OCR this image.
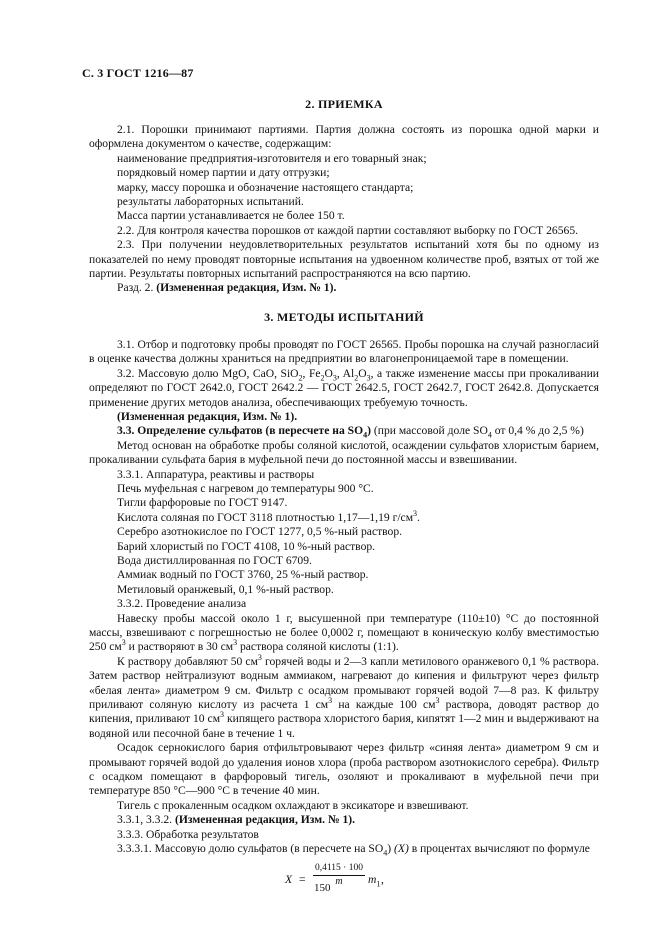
С. 3 ГОСТ 1216—87
2. ПРИЕМКА

2.1. Порошки принимают партиями. Партия должна состоять из порошка одной марки и оформлена документом о качестве, содержащим:

наименование предприятия-изготовителя и его товарный знак;

порядковый номер партии и дату отгрузки;

марку, массу порошка и обозначение настоящего стандарта;

результаты лабораторных испытаний.

Масса партии устанавливается не более 150 т.

2.2. Для контроля качества порошков от каждой партии составляют выборку по ГОСТ 26565.

2.3. При получении неудовлетворительных результатов испытаний хотя бы по одному из показателей по нему проводят повторные испытания на удвоенном количестве проб, взятых от той же партии. Результаты повторных испытаний распространяются на всю партию.

Разд. 2. (Измененная редакция, Изм. № 1).

3. МЕТОДЫ ИСПЫТАНИЙ

3.1. Отбор и подготовку пробы проводят по ГОСТ 26565. Пробы порошка на случай разногласий в оценке качества должны храниться на предприятии во влагонепроницаемой таре в помещении.

3.2. Массовую долю MgO, CaO, SiO$_2$, $Fe_2O_3$, $Al_2O_3$, а также изменение массы при прокаливании определяют по ГОСТ 2642.0, ГОСТ 2642.2 — ГОСТ 2642.5, ГОСТ 2642.7, ГОСТ 2642.8. Допускается применение других методов анализа, обеспечивающих требуемую точность.

(Измененная редакция, Изм. № 1).

3.3. Определение сульфатов (в пересчете на $SO_4$) (при массовой доле $SO_4$ от 0,4 % до 2,5 %)

Метод основан на обработке пробы соляной кислотой, осаждении сульфатов хлористым барием, прокаливании сульфата бария в муфельной печи до постоянной массы и взвешивании.

3.3.1. Аппаратура, реактивы и растворы

Печь муфельная с нагревом до температуры 900 °С.

Тигли фарфоровые по ГОСТ 9147.

Кислота соляная по ГОСТ 3118 плотностью 1,17—1,19 $г/см^3$.

Серебро азотнокислое по ГОСТ 1277, 0,5 %-ный раствор.

Барий хлористый по ГОСТ 4108, 10 %-ный раствор.

Вода дистиллированная по ГОСТ 6709.

Аммиак водный по ГОСТ 3760, 25 %-ный раствор.

Метиловый оранжевый, 0,1 %-ный раствор.

3.3.2. Проведение анализа

Навеску пробы массой около 1 г, высушенной при температуре (110±10) °С до постоянной массы, взвешивают с погрешностью не более 0,0002 г, помещают в коническую колбу вместимостью 250 $см^3$ и растворяют в 30 $см^3$ раствора соляной кислоты (1:1).

К раствору добавляют 50 $см^3$ горячей воды и 2—3 капли метилового оранжевого 0,1 % раствора. Затем раствор нейтрализуют водным аммиаком, нагревают до кипения и фильтруют через фильтр «белая лента» диаметром 9 см. Фильтр с осадком промывают горячей водой 7—8 раз. К фильтру приливают соляную кислоту из расчета 1 $см^3$ на каждые 100 $см^3$ раствора, доводят раствор до кипения, приливают 10 $см^3$ кипящего раствора хлористого бария, кипятят 1—2 мин и выдерживают на водяной или песочной бане в течение 1 ч.

Осадок сернокислого бария отфильтровывают через фильтр «синяя лента» диаметром 9 см и промывают горячей водой до удаления ионов хлора (проба раствором азотнокислого серебра). Фильтр с осадком помещают в фарфоровый тигель, озоляют и прокаливают в муфельной печи при температуре 850 °С—900 °С в течение 40 мин.

Тигель с прокаленным осадком охлаждают в эксикаторе и взвешивают.

3.3.1, 3.3.2. (Измененная редакция, Изм. № 1).

3.3.3. Обработка результатов

3.3.3.1. Массовую долю сульфатов (в пересчете на $SO_4$) (X) в процентах вычисляют по формуле

$X = \frac{0,4115 \cdot 100}{m} m_1$ ,
150
